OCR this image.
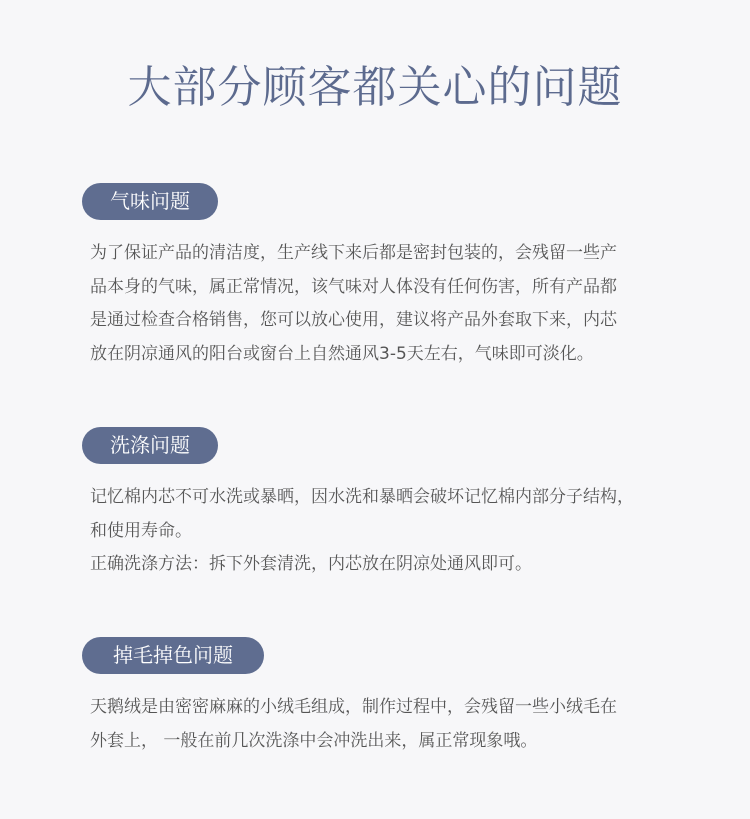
大部分顾客都关心的问题
气味问题
为了保证产品的清洁度，生产线下来后都是密封包装的，会残留一些产
品本身的气味，属正常情况，该气味对人体没有任何伤害，所有产品都
是通过检查合格销售，您可以放心使用，建议将产品外套取下来，内芯
放在阴凉通风的阳台或窗台上自然通风3-5天左右，气味即可淡化。
洗涤问题
记忆棉内芯不可水洗或暴晒，因水洗和暴晒会破坏记忆棉内部分子结构，
和使用寿命。
正确洗涤方法：拆下外套清洗，内芯放在阴凉处通风即可。
掉毛掉色问题
天鹅绒是由密密麻麻的小绒毛组成，制作过程中，会残留一些小绒毛在
外套上， 一般在前几次洗涤中会冲洗出来，属正常现象哦。
